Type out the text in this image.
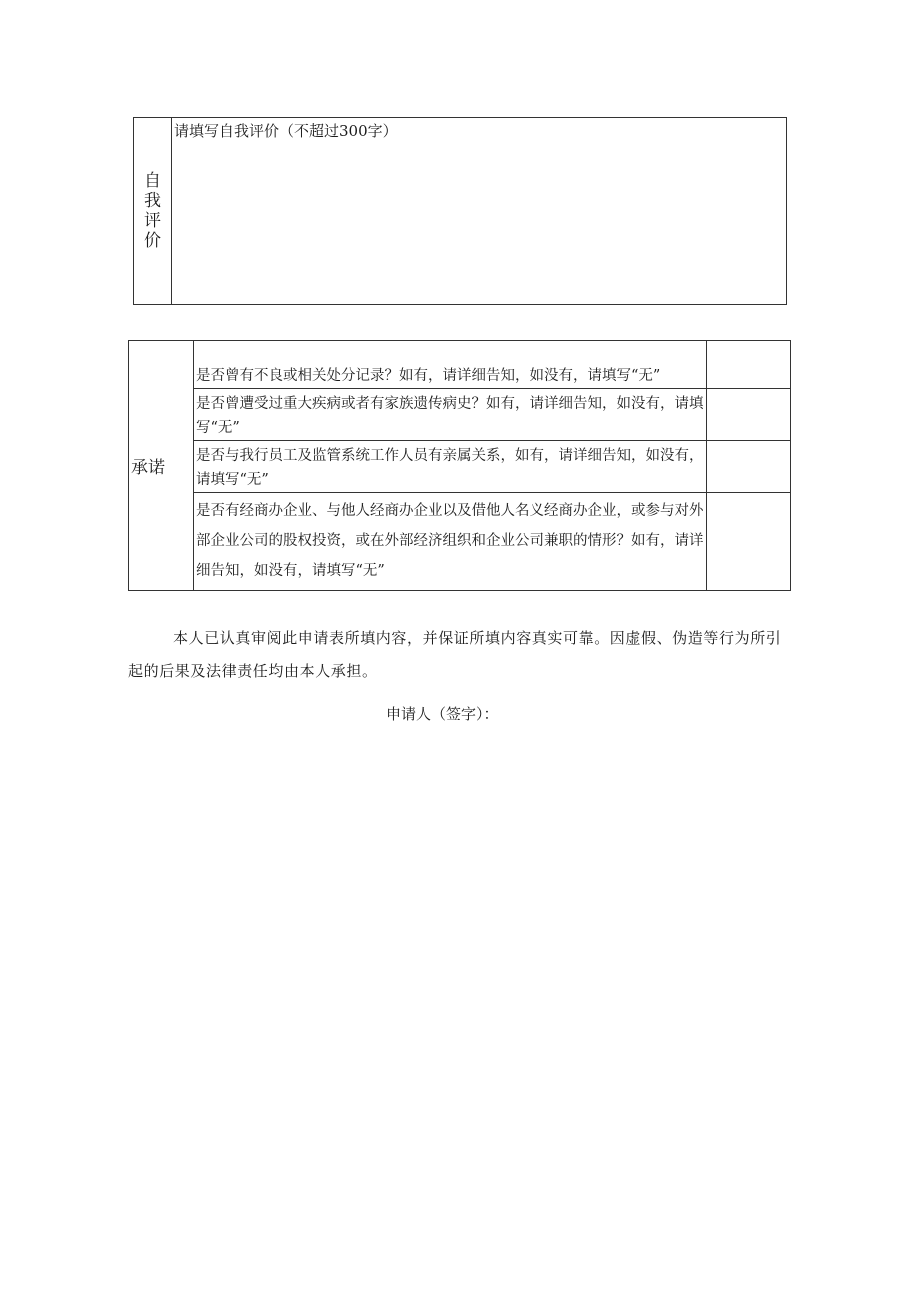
自
我
评
价
	请填写自我评价（不超过300字）
承诺	是否曾有不良或相关处分记录？如有，请详细告知，如没有，请填写“无”	
	是否曾遭受过重大疾病或者有家族遗传病史？如有，请详细告知，如没有，请填写“无”	
	是否与我行员工及监管系统工作人员有亲属关系，如有，请详细告知，如没有，请填写“无”	
	是否有经商办企业、与他人经商办企业以及借他人名义经商办企业，或参与对外部企业公司的股权投资，或在外部经济组织和企业公司兼职的情形？如有，请详细告知，如没有，请填写“无”	

本人已认真审阅此申请表所填内容，并保证所填内容真实可靠。因虚假、伪造等行为所引起的后果及法律责任均由本人承担。

申请人（签字）：
